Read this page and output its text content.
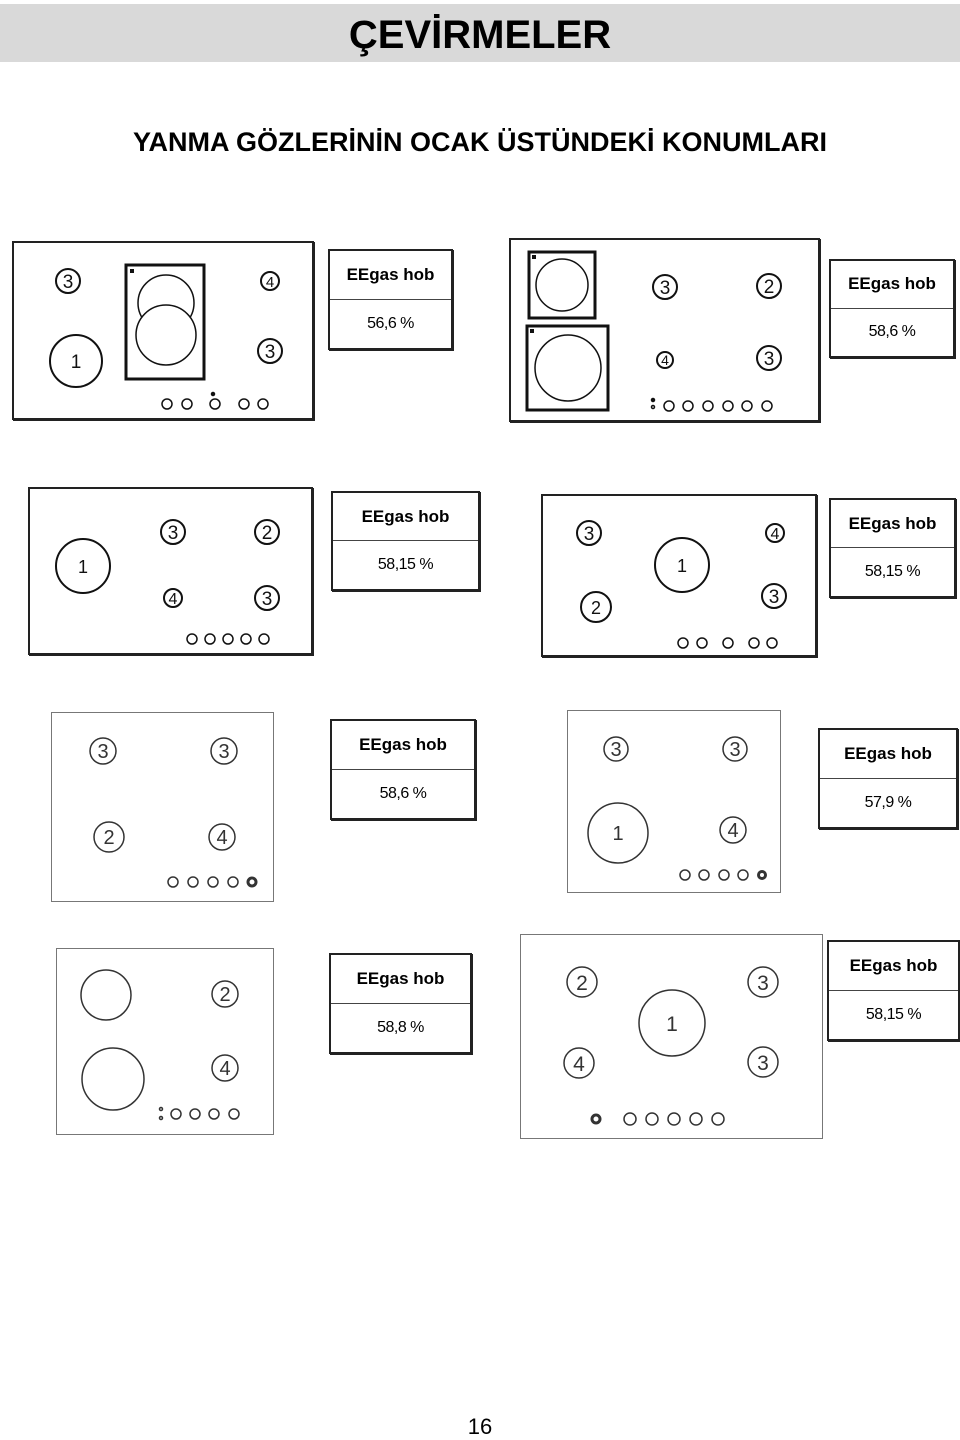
ÇEVİRMELER
YANMA GÖZLERİNİN OCAK ÜSTÜNDEKİ KONUMLARI
3
1
4
3
EEgas hob
56,6 %
3	2
4	3
EEgas hob
58,6 %
1
3	2
4	3
EEgas hob
58,15 %
3
2
1
4
3
EEgas hob
58,15 %
3	3
2	4
EEgas hob
58,6 %
3	3
1	4
EEgas hob
57,9 %
2
4
EEgas hob
58,8 %
2	3
1
4	3
EEgas hob
58,15 %
16
